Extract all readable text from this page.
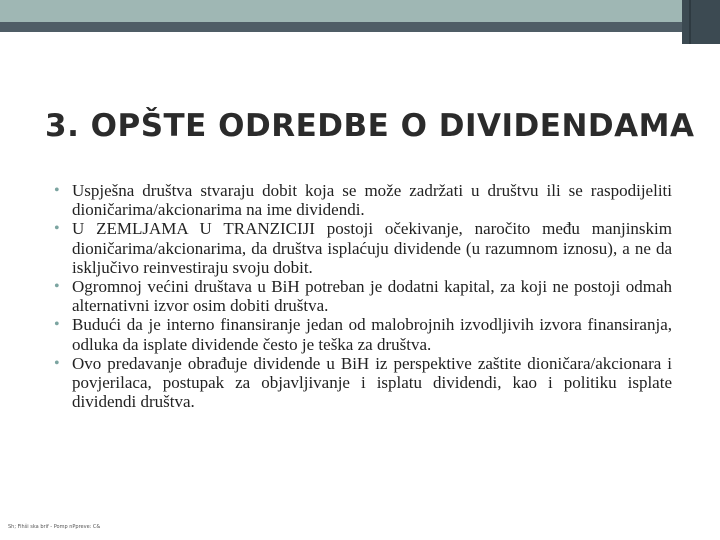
3. OPŠTE ODREDBE O DIVIDENDAMA
• Uspješna društva stvaraju dobit koja se može zadržati u društvu ili se raspodijeliti dioničarima/akcionarima na ime dividendi.
• U ZEMLJAMA U TRANZICIJI postoji očekivanje, naročito među manjinskim dioničarima/akcionarima, da društva isplaćuju dividende (u razumnom iznosu), a ne da isključivo reinvestiraju svoju dobit.
• Ogromnoj većini društava u BiH potreban je dodatni kapital, za koji ne postoji odmah alternativni izvor osim dobiti društva.
• Budući da je interno finansiranje jedan od malobrojnih izvodljivih izvora finansiranja, odluka da isplate dividende često je teška za društva.
• Ovo predavanje obrađuje dividende u BiH iz perspektive zaštite dioničara/akcionara i povjerilaca, postupak za objavljivanje i isplatu dividendi, kao i politiku isplate dividendi društva.
Sh; Fihši ska brif - Pomp nPpreve: C&
